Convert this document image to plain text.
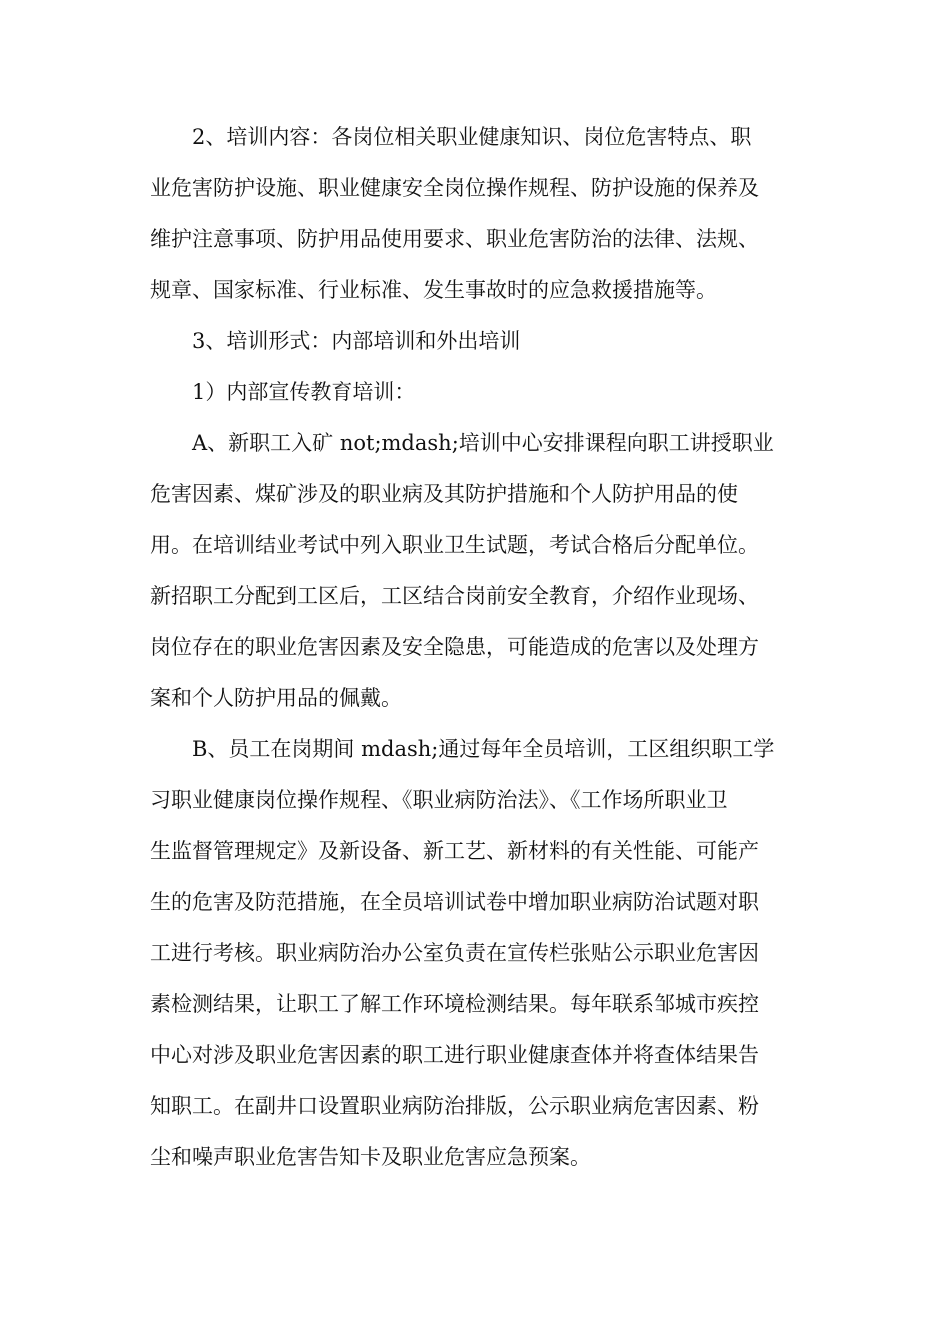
2、培训内容：各岗位相关职业健康知识、岗位危害特点、职
业危害防护设施、职业健康安全岗位操作规程、防护设施的保养及
维护注意事项、防护用品使用要求、职业危害防治的法律、法规、
规章、国家标准、行业标准、发生事故时的应急救援措施等。
3、培训形式：内部培训和外出培训
1）内部宣传教育培训：
A、新职工入矿 not;mdash;培训中心安排课程向职工讲授职业
危害因素、煤矿涉及的职业病及其防护措施和个人防护用品的使
用。在培训结业考试中列入职业卫生试题，考试合格后分配单位。
新招职工分配到工区后，工区结合岗前安全教育，介绍作业现场、
岗位存在的职业危害因素及安全隐患，可能造成的危害以及处理方
案和个人防护用品的佩戴。
B、员工在岗期间 mdash;通过每年全员培训，工区组织职工学
习职业健康岗位操作规程、《职业病防治法》、《工作场所职业卫
生监督管理规定》及新设备、新工艺、新材料的有关性能、可能产
生的危害及防范措施，在全员培训试卷中增加职业病防治试题对职
工进行考核。职业病防治办公室负责在宣传栏张贴公示职业危害因
素检测结果，让职工了解工作环境检测结果。每年联系邹城市疾控
中心对涉及职业危害因素的职工进行职业健康查体并将查体结果告
知职工。在副井口设置职业病防治排版，公示职业病危害因素、粉
尘和噪声职业危害告知卡及职业危害应急预案。
